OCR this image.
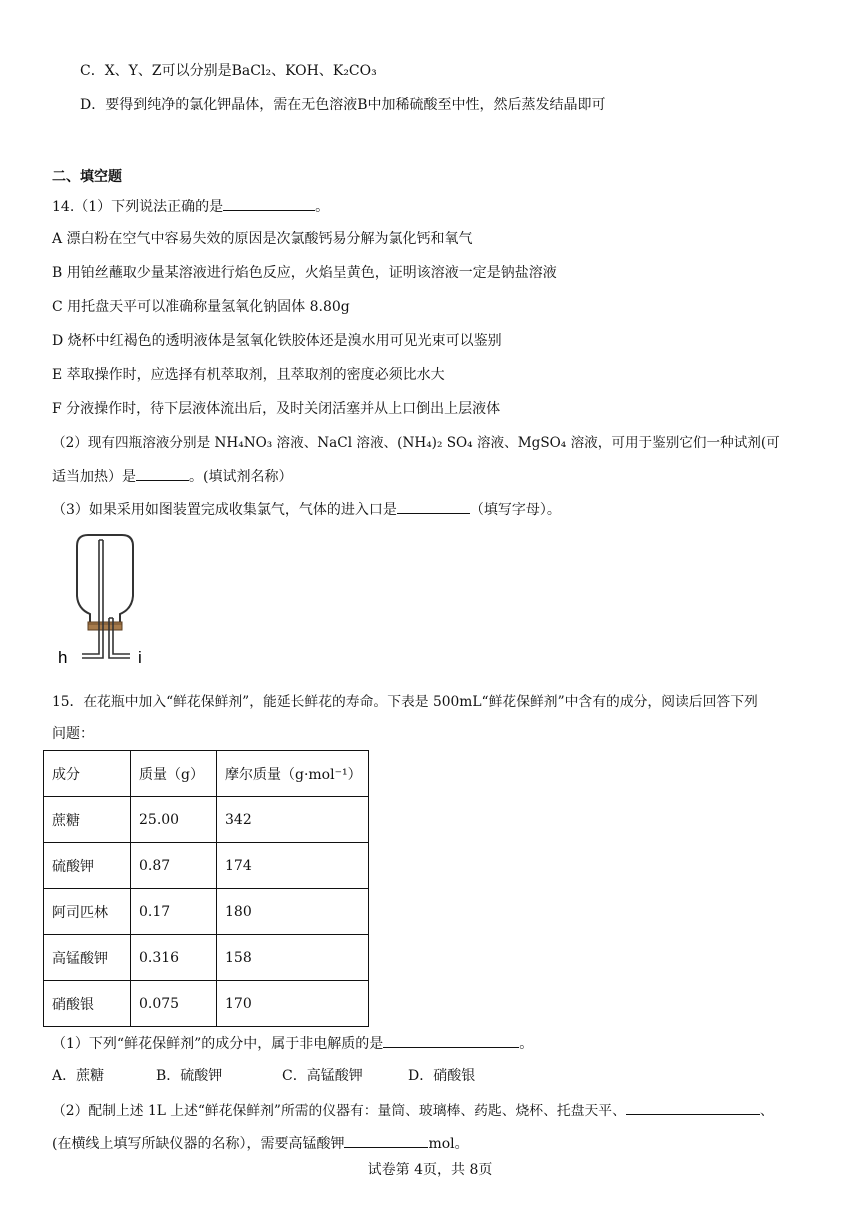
C．X、Y、Z可以分别是BaCl₂、KOH、K₂CO₃
D．要得到纯净的氯化钾晶体，需在无色溶液B中加稀硫酸至中性，然后蒸发结晶即可
二、填空题
14.（1）下列说法正确的是	。
A 漂白粉在空气中容易失效的原因是次氯酸钙易分解为氯化钙和氧气
B 用铂丝蘸取少量某溶液进行焰色反应，火焰呈黄色，证明该溶液一定是钠盐溶液
C 用托盘天平可以准确称量氢氧化钠固体 8.80g
D 烧杯中红褐色的透明液体是氢氧化铁胶体还是溴水用可见光束可以鉴别
E 萃取操作时，应选择有机萃取剂，且萃取剂的密度必须比水大
F 分液操作时，待下层液体流出后，及时关闭活塞并从上口倒出上层液体
（2）现有四瓶溶液分别是 NH₄NO₃ 溶液、NaCl 溶液、(NH₄)₂ SO₄ 溶液、MgSO₄ 溶液，可用于鉴别它们一种试剂(可
适当加热）是	。(填试剂名称）
（3）如果采用如图装置完成收集氯气，气体的进入口是	（填写字母）。
h	i
15．在花瓶中加入“鲜花保鲜剂”，能延长鲜花的寿命。下表是 500mL“鲜花保鲜剂”中含有的成分，阅读后回答下列
问题：
成分	质量（g）	摩尔质量（g·mol⁻¹）
蔗糖	25.00	342
硫酸钾	0.87	174
阿司匹林	0.17	180
高锰酸钾	0.316	158
硝酸银	0.075	170
（1）下列“鲜花保鲜剂”的成分中，属于非电解质的是	。
A．蔗糖	B．硫酸钾	C．高锰酸钾	D．硝酸银
（2）配制上述 1L 上述“鲜花保鲜剂”所需的仪器有：量筒、玻璃棒、药匙、烧杯、托盘天平、	、
(在横线上填写所缺仪器的名称），需要高锰酸钾	mol。
试卷第 4页，共 8页
